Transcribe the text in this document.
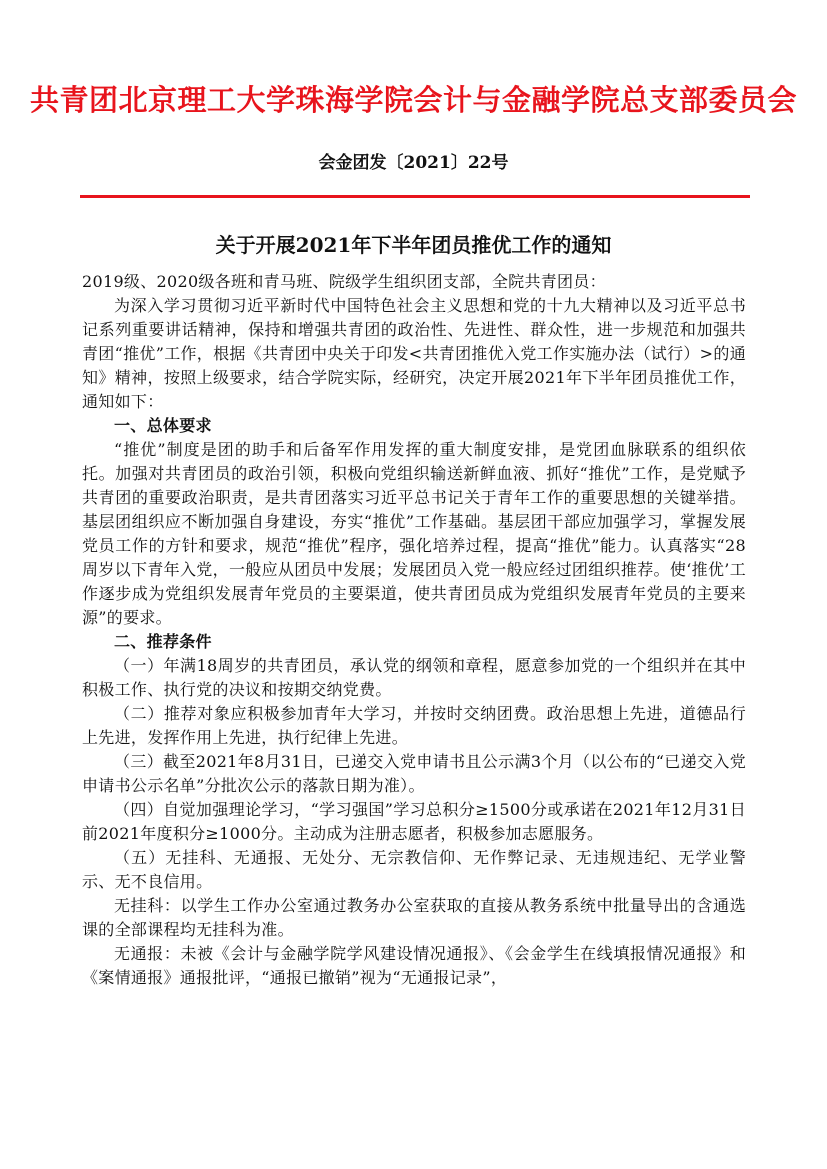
共青团北京理工大学珠海学院会计与金融学院总支部委员会
会金团发〔2021〕22号
关于开展2021年下半年团员推优工作的通知

2019级、2020级各班和青马班、院级学生组织团支部，全院共青团员：

为深入学习贯彻习近平新时代中国特色社会主义思想和党的十九大精神以及习近平总书记系列重要讲话精神，保持和增强共青团的政治性、先进性、群众性，进一步规范和加强共青团“推优”工作，根据《共青团中央关于印发<共青团推优入党工作实施办法（试行）>的通知》精神，按照上级要求，结合学院实际，经研究，决定开展2021年下半年团员推优工作，通知如下：

一、总体要求

“推优”制度是团的助手和后备军作用发挥的重大制度安排，是党团血脉联系的组织依托。加强对共青团员的政治引领，积极向党组织输送新鲜血液、抓好“推优”工作，是党赋予共青团的重要政治职责，是共青团落实习近平总书记关于青年工作的重要思想的关键举措。基层团组织应不断加强自身建设，夯实“推优”工作基础。基层团干部应加强学习，掌握发展党员工作的方针和要求，规范“推优”程序，强化培养过程，提高“推优”能力。认真落实“28周岁以下青年入党，一般应从团员中发展；发展团员入党一般应经过团组织推荐。使‘推优’工作逐步成为党组织发展青年党员的主要渠道，使共青团员成为党组织发展青年党员的主要来源”的要求。

二、推荐条件

（一）年满18周岁的共青团员，承认党的纲领和章程，愿意参加党的一个组织并在其中积极工作、执行党的决议和按期交纳党费。

（二）推荐对象应积极参加青年大学习，并按时交纳团费。政治思想上先进，道德品行上先进，发挥作用上先进，执行纪律上先进。

（三）截至2021年8月31日，已递交入党申请书且公示满3个月（以公布的“已递交入党申请书公示名单”分批次公示的落款日期为准）。

（四）自觉加强理论学习，“学习强国”学习总积分≥1500分或承诺在2021年12月31日前2021年度积分≥1000分。主动成为注册志愿者，积极参加志愿服务。

（五）无挂科、无通报、无处分、无宗教信仰、无作弊记录、无违规违纪、无学业警示、无不良信用。

无挂科：以学生工作办公室通过教务办公室获取的直接从教务系统中批量导出的含通选课的全部课程均无挂科为准。

无通报：未被《会计与金融学院学风建设情况通报》、《会金学生在线填报情况通报》和《案情通报》通报批评，“通报已撤销”视为“无通报记录”，
